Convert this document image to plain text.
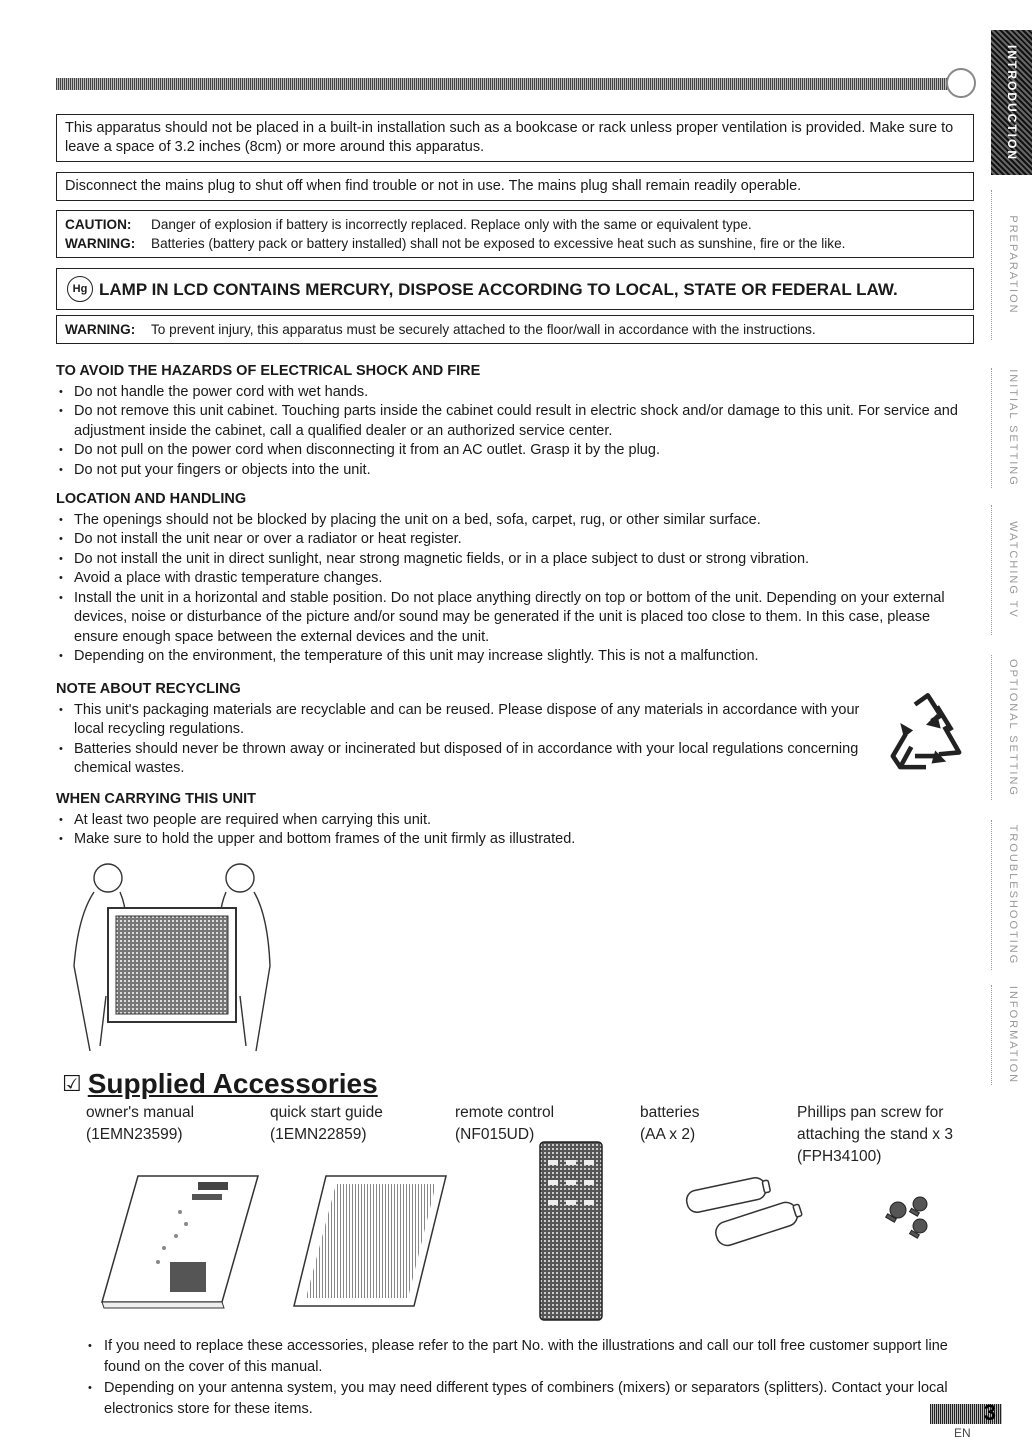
INTRODUCTION
PREPARATION
INITIAL SETTING
WATCHING TV
OPTIONAL SETTING
TROUBLESHOOTING
INFORMATION
This apparatus should not be placed in a built-in installation such as a bookcase or rack unless proper ventilation is provided. Make sure to leave a space of 3.2 inches (8cm) or more around this apparatus.
Disconnect the mains plug to shut off when find trouble or not in use. The mains plug shall remain readily operable.
CAUTION:	Danger of explosion if battery is incorrectly replaced. Replace only with the same or equivalent type.
WARNING:	Batteries (battery pack or battery installed) shall not be exposed to excessive heat such as sunshine, fire or the like.
Hg LAMP IN LCD CONTAINS MERCURY, DISPOSE ACCORDING TO LOCAL, STATE OR FEDERAL LAW.
WARNING:	To prevent injury, this apparatus must be securely attached to the floor/wall in accordance with the instructions.
TO AVOID THE HAZARDS OF ELECTRICAL SHOCK AND FIRE
• Do not handle the power cord with wet hands.
• Do not remove this unit cabinet. Touching parts inside the cabinet could result in electric shock and/or damage to this unit. For service and adjustment inside the cabinet, call a qualified dealer or an authorized service center.
• Do not pull on the power cord when disconnecting it from an AC outlet. Grasp it by the plug.
• Do not put your fingers or objects into the unit.
LOCATION AND HANDLING
• The openings should not be blocked by placing the unit on a bed, sofa, carpet, rug, or other similar surface.
• Do not install the unit near or over a radiator or heat register.
• Do not install the unit in direct sunlight, near strong magnetic fields, or in a place subject to dust or strong vibration.
• Avoid a place with drastic temperature changes.
• Install the unit in a horizontal and stable position. Do not place anything directly on top or bottom of the unit. Depending on your external devices, noise or disturbance of the picture and/or sound may be generated if the unit is placed too close to them. In this case, please ensure enough space between the external devices and the unit.
• Depending on the environment, the temperature of this unit may increase slightly. This is not a malfunction.
NOTE ABOUT RECYCLING
• This unit's packaging materials are recyclable and can be reused. Please dispose of any materials in accordance with your local recycling regulations.
• Batteries should never be thrown away or incinerated but disposed of in accordance with your local regulations concerning chemical wastes.
WHEN CARRYING THIS UNIT
• At least two people are required when carrying this unit.
• Make sure to hold the upper and bottom frames of the unit firmly as illustrated.
☑ Supplied Accessories
owner's manual
(1EMN23599)
quick start guide
(1EMN22859)
remote control
(NF015UD)
batteries
(AA x 2)
Phillips pan screw for
attaching the stand x 3
(FPH34100)
• If you need to replace these accessories, please refer to the part No. with the illustrations and call our toll free customer support line found on the cover of this manual.
• Depending on your antenna system, you may need different types of combiners (mixers) or separators (splitters). Contact your local electronics store for these items.	3
EN
